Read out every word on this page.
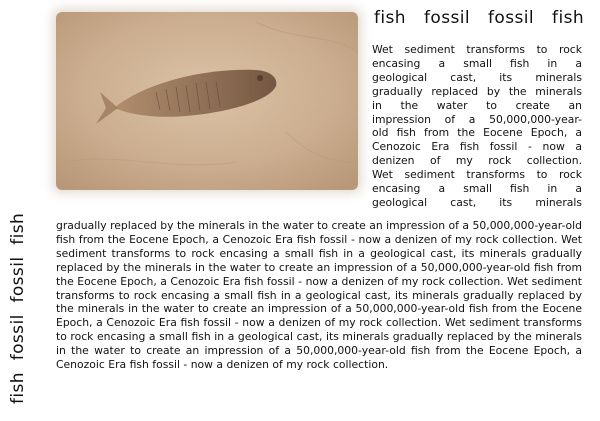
fish fossil fossil fish
fish fossil fossil fish
Wet sediment transforms to rock
encasing a small fish in a
geological cast, its minerals
gradually replaced by the minerals
in the water to create an
impression of a 50,000,000-year-
old fish from the Eocene Epoch, a
Cenozoic Era fish fossil - now a
denizen of my rock collection.
Wet sediment transforms to rock
encasing a small fish in a
geological cast, its minerals

gradually replaced by the minerals in the water to create an impression of a 50,000,000-year-old fish from the Eocene Epoch, a Cenozoic Era fish fossil - now a denizen of my rock collection. Wet sediment transforms to rock encasing a small fish in a geological cast, its minerals gradually replaced by the minerals in the water to create an impression of a 50,000,000-year-old fish from the Eocene Epoch, a Cenozoic Era fish fossil - now a denizen of my rock collection. Wet sediment transforms to rock encasing a small fish in a geological cast, its minerals gradually replaced by the minerals in the water to create an impression of a 50,000,000-year-old fish from the Eocene Epoch, a Cenozoic Era fish fossil - now a denizen of my rock collection. Wet sediment transforms to rock encasing a small fish in a geological cast, its minerals gradually replaced by the minerals in the water to create an impression of a 50,000,000-year-old fish from the Eocene Epoch, a Cenozoic Era fish fossil - now a denizen of my rock collection.
